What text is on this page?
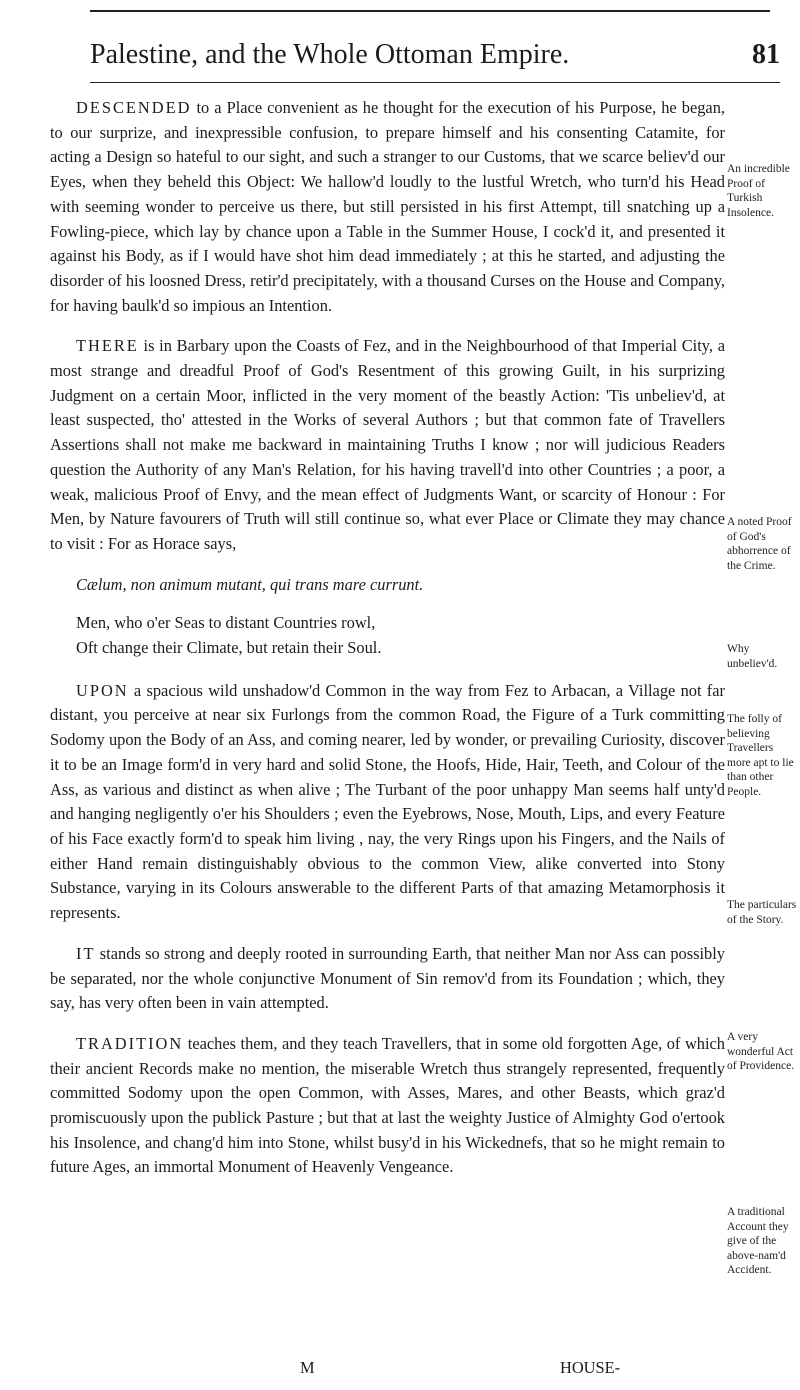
Palestine, and the Whole Ottoman Empire.	81

DESCENDED to a Place convenient as he thought for the execution of his Purpose, he began, to our surprize, and inexpressible confusion, to prepare himself and his consenting Catamite, for acting a Design so hateful to our sight, and such a stranger to our Customs, that we scarce believ'd our Eyes, when they beheld this Object: We hallow'd loudly to the lustful Wretch, who turn'd his Head with seeming wonder to perceive us there, but still persisted in his first Attempt, till snatching up a Fowling-piece, which lay by chance upon a Table in the Summer House, I cock'd it, and presented it against his Body, as if I would have shot him dead immediately ; at this he started, and adjusting the disorder of his loosned Dress, retir'd precipitately, with a thousand Curses on the House and Company, for having baulk'd so impious an Intention.

THERE is in Barbary upon the Coasts of Fez, and in the Neighbourhood of that Imperial City, a most strange and dreadful Proof of God's Resentment of this growing Guilt, in his surprizing Judgment on a certain Moor, inflicted in the very moment of the beastly Action: 'Tis unbeliev'd, at least suspected, tho' attested in the Works of several Authors ; but that common fate of Travellers Assertions shall not make me backward in maintaining Truths I know ; nor will judicious Readers question the Authority of any Man's Relation, for his having travell'd into other Countries ; a poor, a weak, malicious Proof of Envy, and the mean effect of Judgments Want, or scarcity of Honour : For Men, by Nature favourers of Truth will still continue so, what ever Place or Climate they may chance to visit : For as Horace says,

Cælum, non animum mutant, qui trans mare currunt.
Men, who o'er Seas to distant Countries rowl,
Oft change their Climate, but retain their Soul.

UPON a spacious wild unshadow'd Common in the way from Fez to Arbacan, a Village not far distant, you perceive at near six Furlongs from the common Road, the Figure of a Turk committing Sodomy upon the Body of an Ass, and coming nearer, led by wonder, or prevailing Curiosity, discover it to be an Image form'd in very hard and solid Stone, the Hoofs, Hide, Hair, Teeth, and Colour of the Ass, as various and distinct as when alive ; The Turbant of the poor unhappy Man seems half unty'd and hanging negligently o'er his Shoulders ; even the Eyebrows, Nose, Mouth, Lips, and every Feature of his Face exactly form'd to speak him living , nay, the very Rings upon his Fingers, and the Nails of either Hand remain distinguishably obvious to the common View, alike converted into Stony Substance, varying in its Colours answerable to the different Parts of that amazing Metamorphosis it represents.

IT stands so strong and deeply rooted in surrounding Earth, that neither Man nor Ass can possibly be separated, nor the whole conjunctive Monument of Sin remov'd from its Foundation ; which, they say, has very often been in vain attempted.

TRADITION teaches them, and they teach Travellers, that in some old forgotten Age, of which their ancient Records make no mention, the miserable Wretch thus strangely represented, frequently committed Sodomy upon the open Common, with Asses, Mares, and other Beasts, which graz'd promiscuously upon the publick Pasture ; but that at last the weighty Justice of Almighty God o'ertook his Insolence, and chang'd him into Stone, whilst busy'd in his Wickednefs, that so he might remain to future Ages, an immortal Monument of Heavenly Vengeance.

An incredible Proof of Turkish Insolence.
A noted Proof of God's abhorrence of the Crime.
Why unbeliev'd.
The folly of believing Travellers more apt to lie than other People.
The particulars of the Story.
A very wonderful Act of Providence.
A traditional Account they give of the above-nam'd Accident.
M	HOUSE-
